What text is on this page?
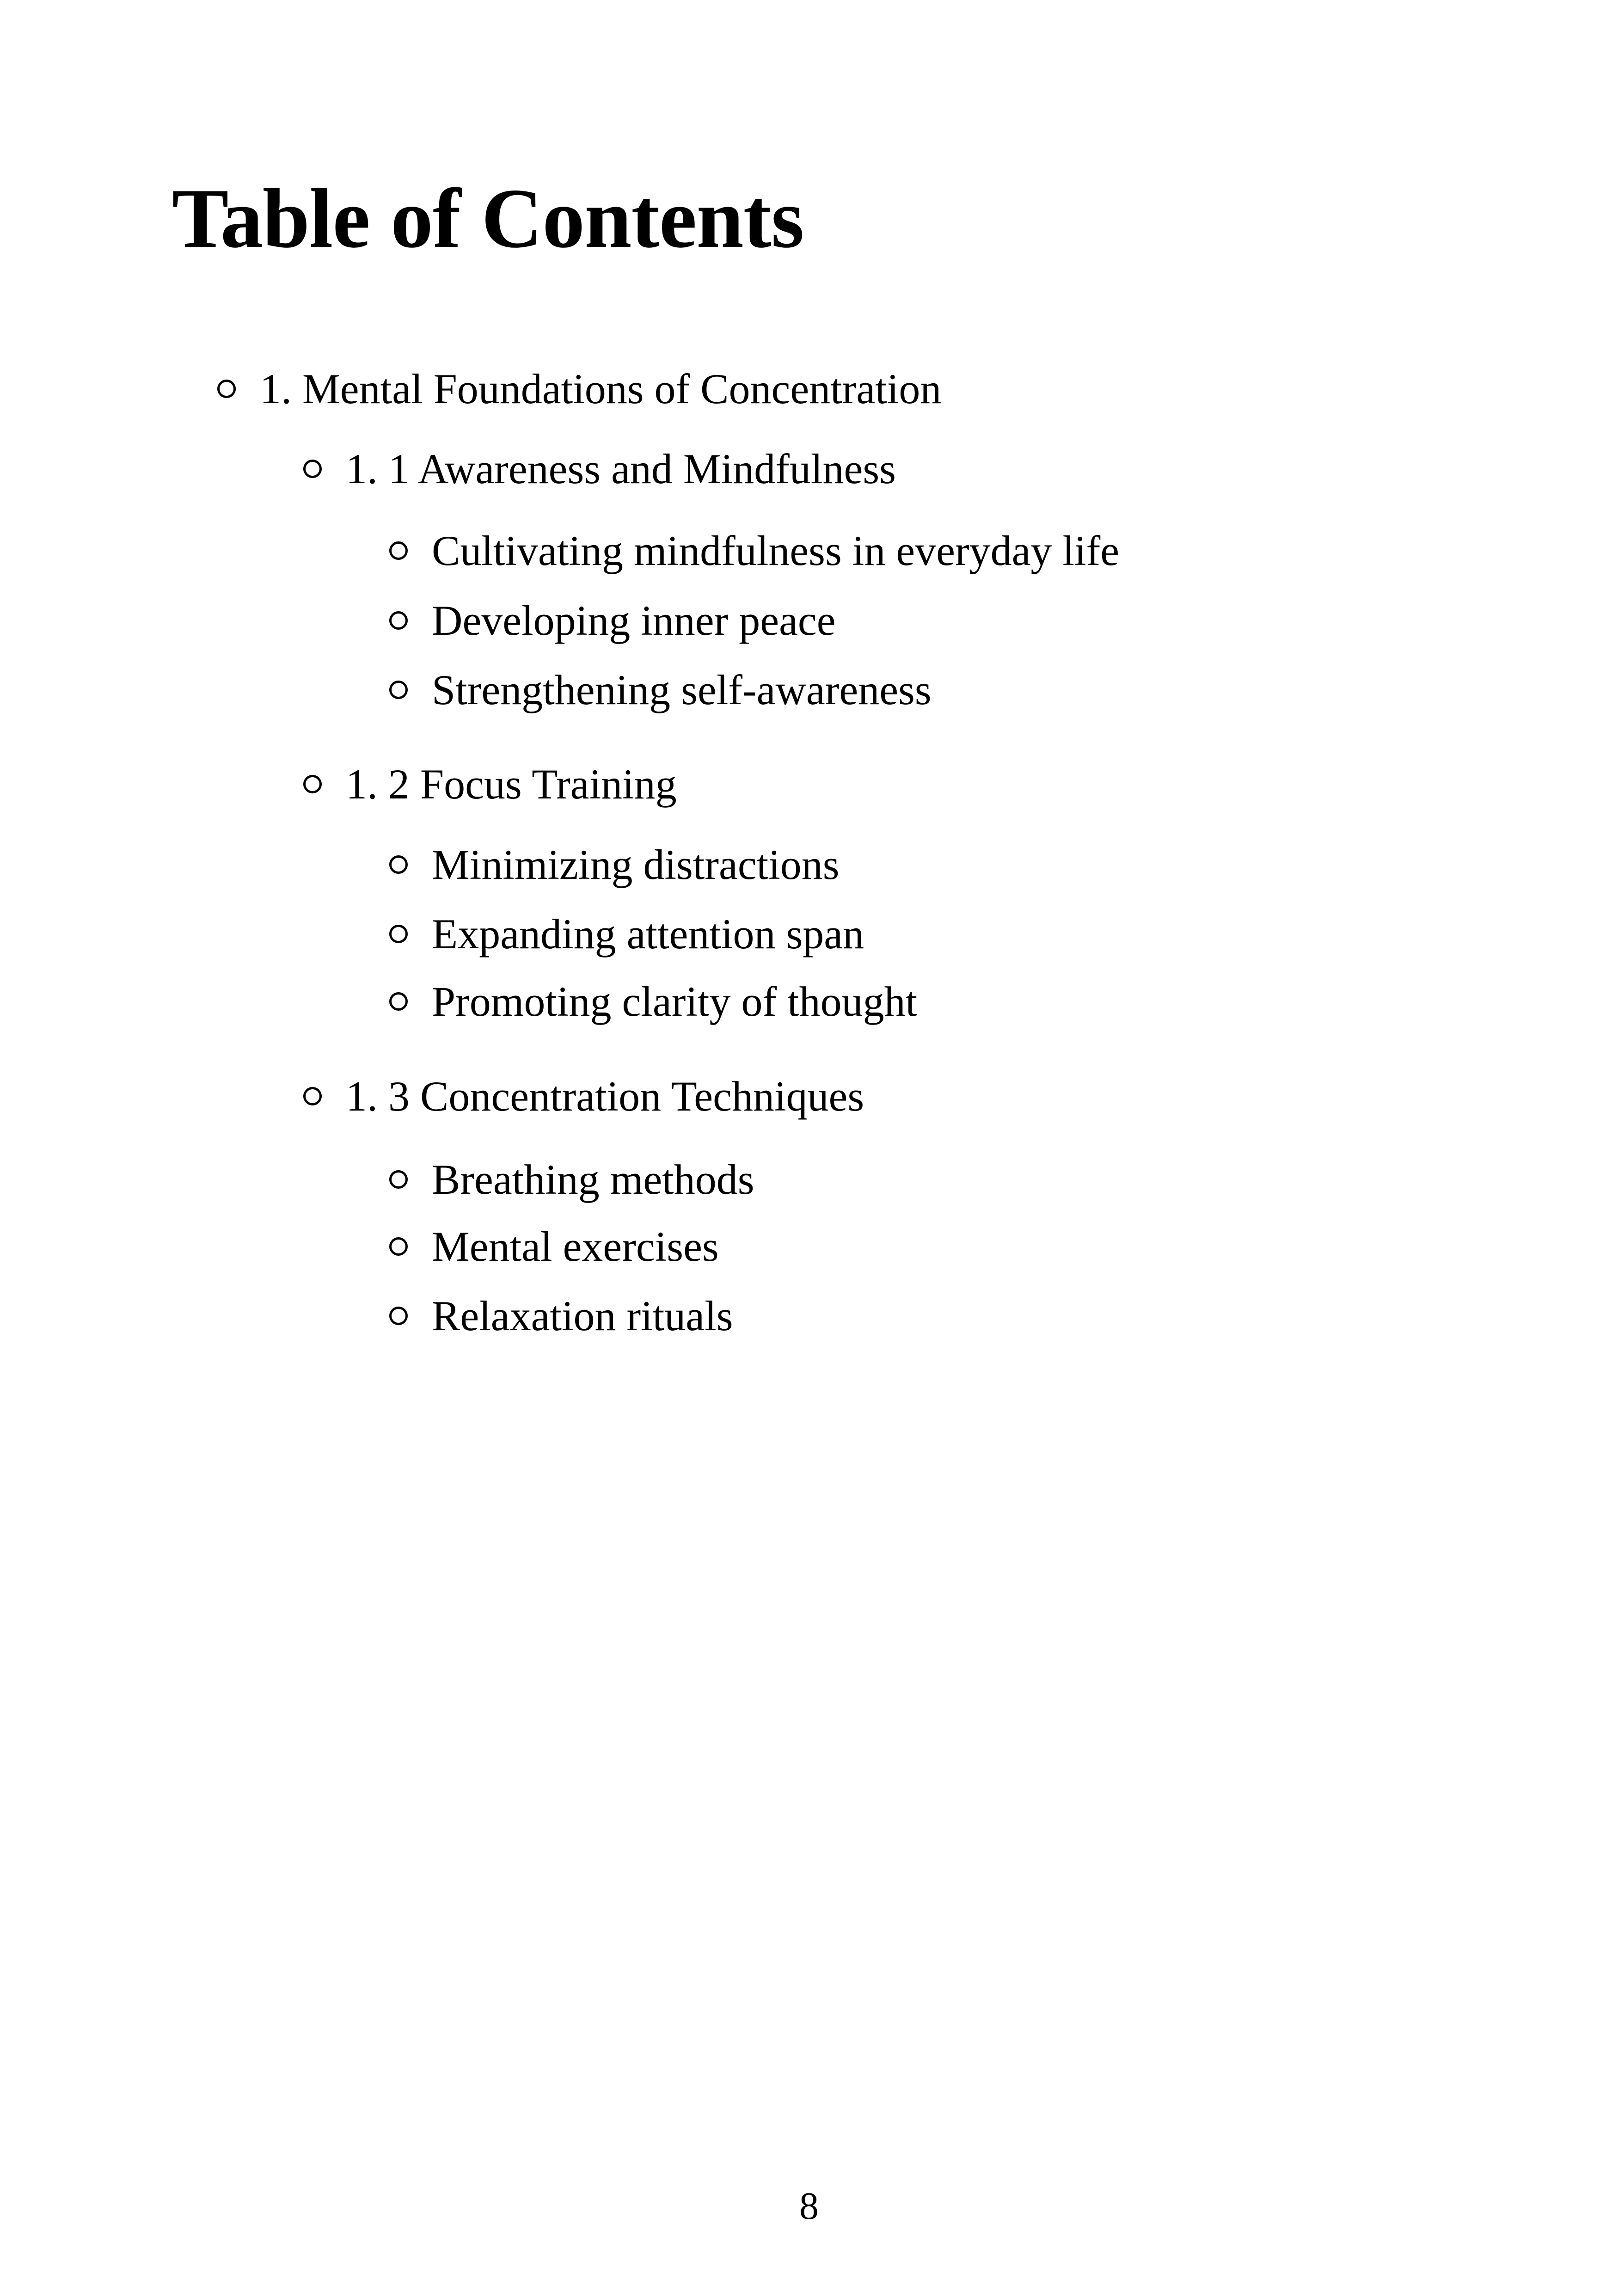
Table of Contents
1. Mental Foundations of Concentration
1. 1 Awareness and Mindfulness
Cultivating mindfulness in everyday life
Developing inner peace
Strengthening self-awareness
1. 2 Focus Training
Minimizing distractions
Expanding attention span
Promoting clarity of thought
1. 3 Concentration Techniques
Breathing methods
Mental exercises
Relaxation rituals
8
